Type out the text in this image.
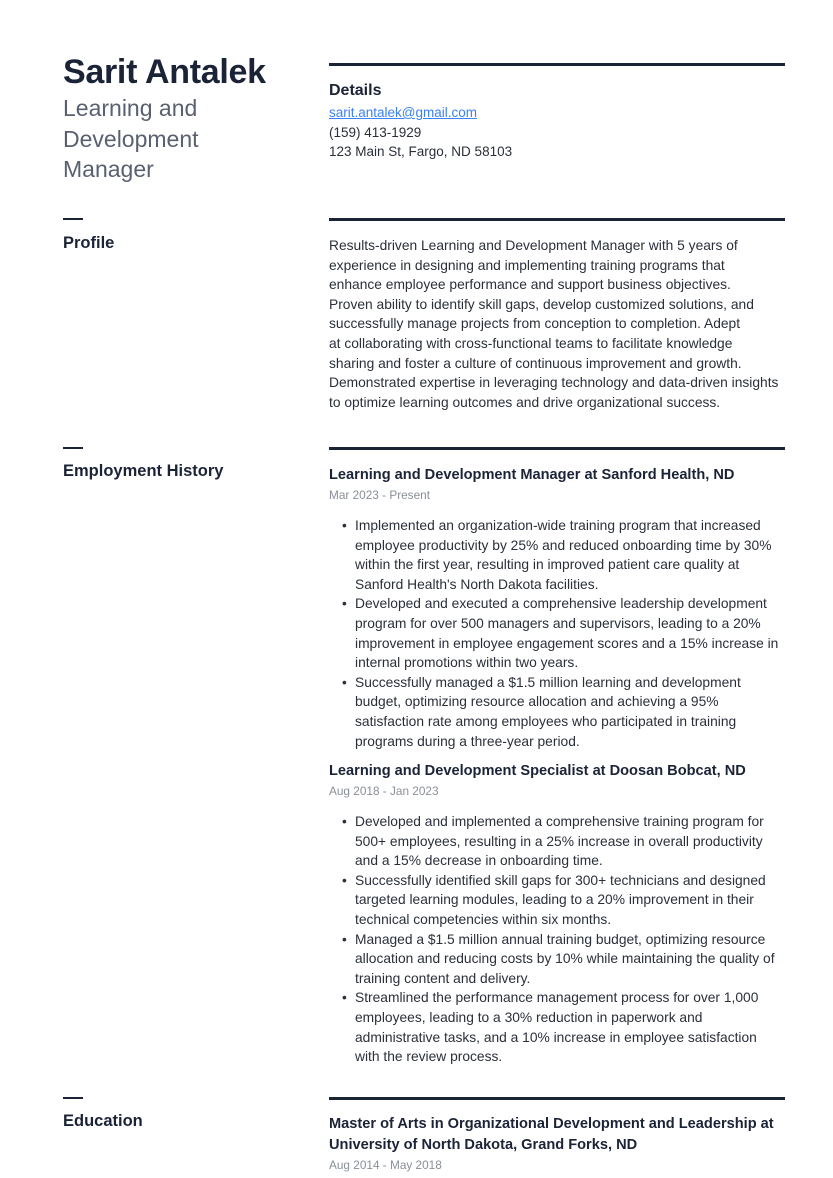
Sarit Antalek
Learning and
Development
Manager
Details
sarit.antalek@gmail.com
(159) 413-1929
123 Main St, Fargo, ND 58103
Profile	Results-driven Learning and Development Manager with 5 years of
experience in designing and implementing training programs that
enhance employee performance and support business objectives.
Proven ability to identify skill gaps, develop customized solutions, and
successfully manage projects from conception to completion. Adept
at collaborating with cross-functional teams to facilitate knowledge
sharing and foster a culture of continuous improvement and growth.
Demonstrated expertise in leveraging technology and data-driven insights
to optimize learning outcomes and drive organizational success.
Employment History	Learning and Development Manager at Sanford Health, ND
Mar 2023 - Present
• Implemented an organization-wide training program that increased employee productivity by 25% and reduced onboarding time by 30% within the first year, resulting in improved patient care quality at Sanford Health's North Dakota facilities.
• Developed and executed a comprehensive leadership development program for over 500 managers and supervisors, leading to a 20% improvement in employee engagement scores and a 15% increase in internal promotions within two years.
• Successfully managed a $1.5 million learning and development budget, optimizing resource allocation and achieving a 95% satisfaction rate among employees who participated in training programs during a three-year period.
Learning and Development Specialist at Doosan Bobcat, ND
Aug 2018 - Jan 2023
• Developed and implemented a comprehensive training program for 500+ employees, resulting in a 25% increase in overall productivity and a 15% decrease in onboarding time.
• Successfully identified skill gaps for 300+ technicians and designed targeted learning modules, leading to a 20% improvement in their technical competencies within six months.
• Managed a $1.5 million annual training budget, optimizing resource allocation and reducing costs by 10% while maintaining the quality of training content and delivery.
• Streamlined the performance management process for over 1,000 employees, leading to a 30% reduction in paperwork and administrative tasks, and a 10% increase in employee satisfaction with the review process.
Education	Master of Arts in Organizational Development and Leadership at
University of North Dakota, Grand Forks, ND
Aug 2014 - May 2018
